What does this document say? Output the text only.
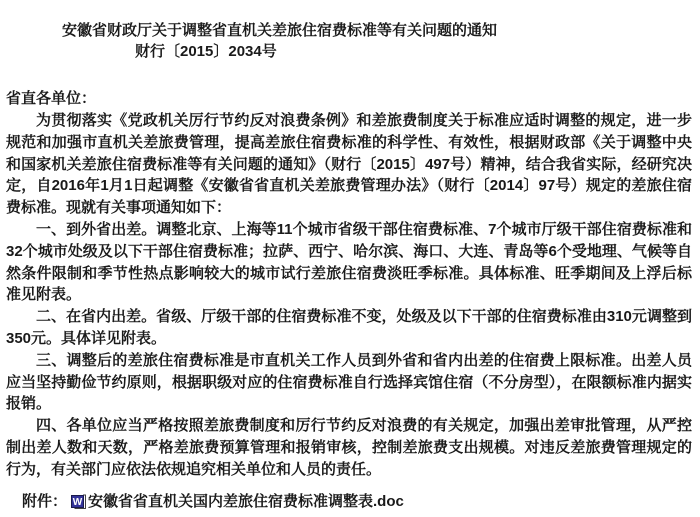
安徽省财政厅关于调整省直机关差旅住宿费标准等有关问题的通知
财行〔2015〕2034号
省直各单位：

为贯彻落实《党政机关厉行节约反对浪费条例》和差旅费制度关于标准应适时调整的规定，进一步规范和加强市直机关差旅费管理，提高差旅住宿费标准的科学性、有效性，根据财政部《关于调整中央和国家机关差旅住宿费标准等有关问题的通知》（财行〔2015〕497号）精神，结合我省实际，经研究决定，自2016年1月1日起调整《安徽省省直机关差旅费管理办法》（财行〔2014〕97号）规定的差旅住宿费标准。现就有关事项通知如下：

一、到外省出差。调整北京、上海等11个城市省级干部住宿费标准、7个城市厅级干部住宿费标准和32个城市处级及以下干部住宿费标准；拉萨、西宁、哈尔滨、海口、大连、青岛等6个受地理、气候等自然条件限制和季节性热点影响较大的城市试行差旅住宿费淡旺季标准。具体标准、旺季期间及上浮后标准见附表。

二、在省内出差。省级、厅级干部的住宿费标准不变，处级及以下干部的住宿费标准由310元调整到350元。具体详见附表。

三、调整后的差旅住宿费标准是市直机关工作人员到外省和省内出差的住宿费上限标准。出差人员应当坚持勤俭节约原则，根据职级对应的住宿费标准自行选择宾馆住宿（不分房型），在限额标准内据实报销。

四、各单位应当严格按照差旅费制度和厉行节约反对浪费的有关规定，加强出差审批管理，从严控制出差人数和天数，严格差旅费预算管理和报销审核，控制差旅费支出规模。对违反差旅费管理规定的行为，有关部门应依法依规追究相关单位和人员的责任。

附件： W 安徽省省直机关国内差旅住宿费标准调整表.doc
